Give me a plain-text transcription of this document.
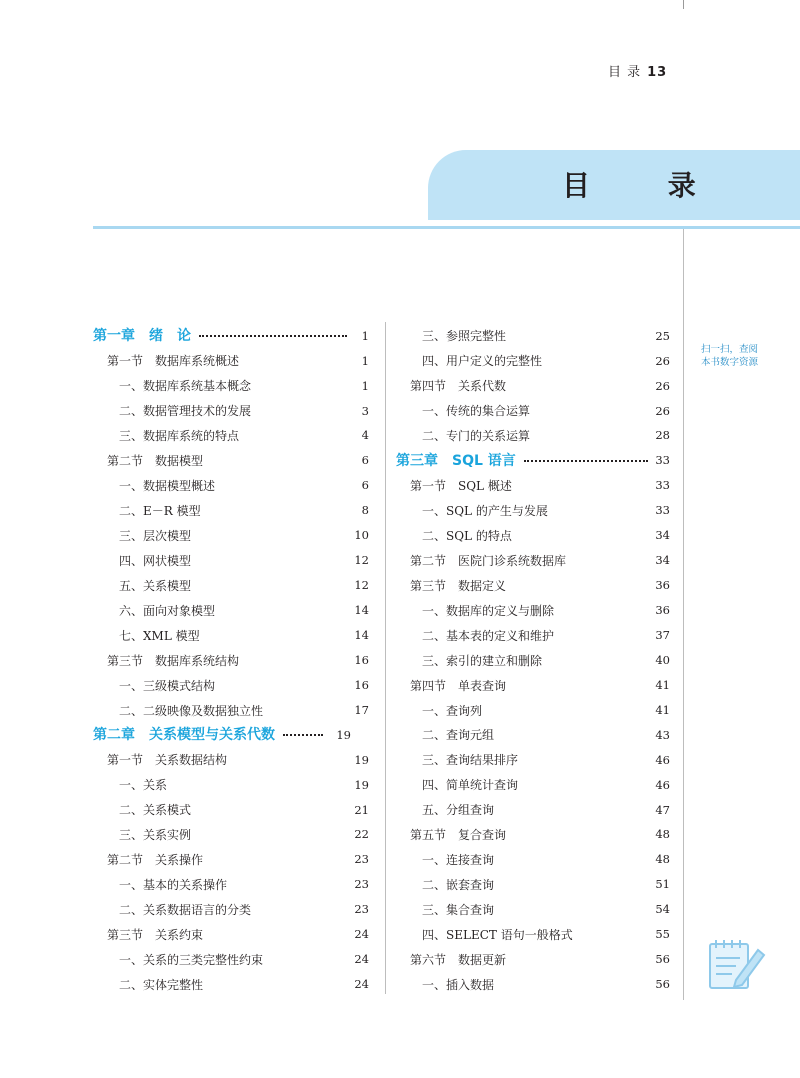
目 录 13
目 录
第一章　绪　论	1
第一节　数据库系统概述	1
一、数据库系统基本概念	1
二、数据管理技术的发展	3
三、数据库系统的特点	4
第二节　数据模型	6
一、数据模型概述	6
二、E－R 模型	8
三、层次模型	10
四、网状模型	12
五、关系模型	12
六、面向对象模型	14
七、XML 模型	14
第三节　数据库系统结构	16
一、三级模式结构	16
二、二级映像及数据独立性	17
第二章　关系模型与关系代数	19
第一节　关系数据结构	19
一、关系	19
二、关系模式	21
三、关系实例	22
第二节　关系操作	23
一、基本的关系操作	23
二、关系数据语言的分类	23
第三节　关系约束	24
一、关系的三类完整性约束	24
二、实体完整性	24
三、参照完整性	25
四、用户定义的完整性	26
第四节　关系代数	26
一、传统的集合运算	26
二、专门的关系运算	28
第三章　SQL 语言	33
第一节　SQL 概述	33
一、SQL 的产生与发展	33
二、SQL 的特点	34
第二节　医院门诊系统数据库	34
第三节　数据定义	36
一、数据库的定义与删除	36
二、基本表的定义和维护	37
三、索引的建立和删除	40
第四节　单表查询	41
一、查询列	41
二、查询元组	43
三、查询结果排序	46
四、简单统计查询	46
五、分组查询	47
第五节　复合查询	48
一、连接查询	48
二、嵌套查询	51
三、集合查询	54
四、SELECT 语句一般格式	55
第六节　数据更新	56
一、插入数据	56
扫一扫，查阅
本书数字资源
